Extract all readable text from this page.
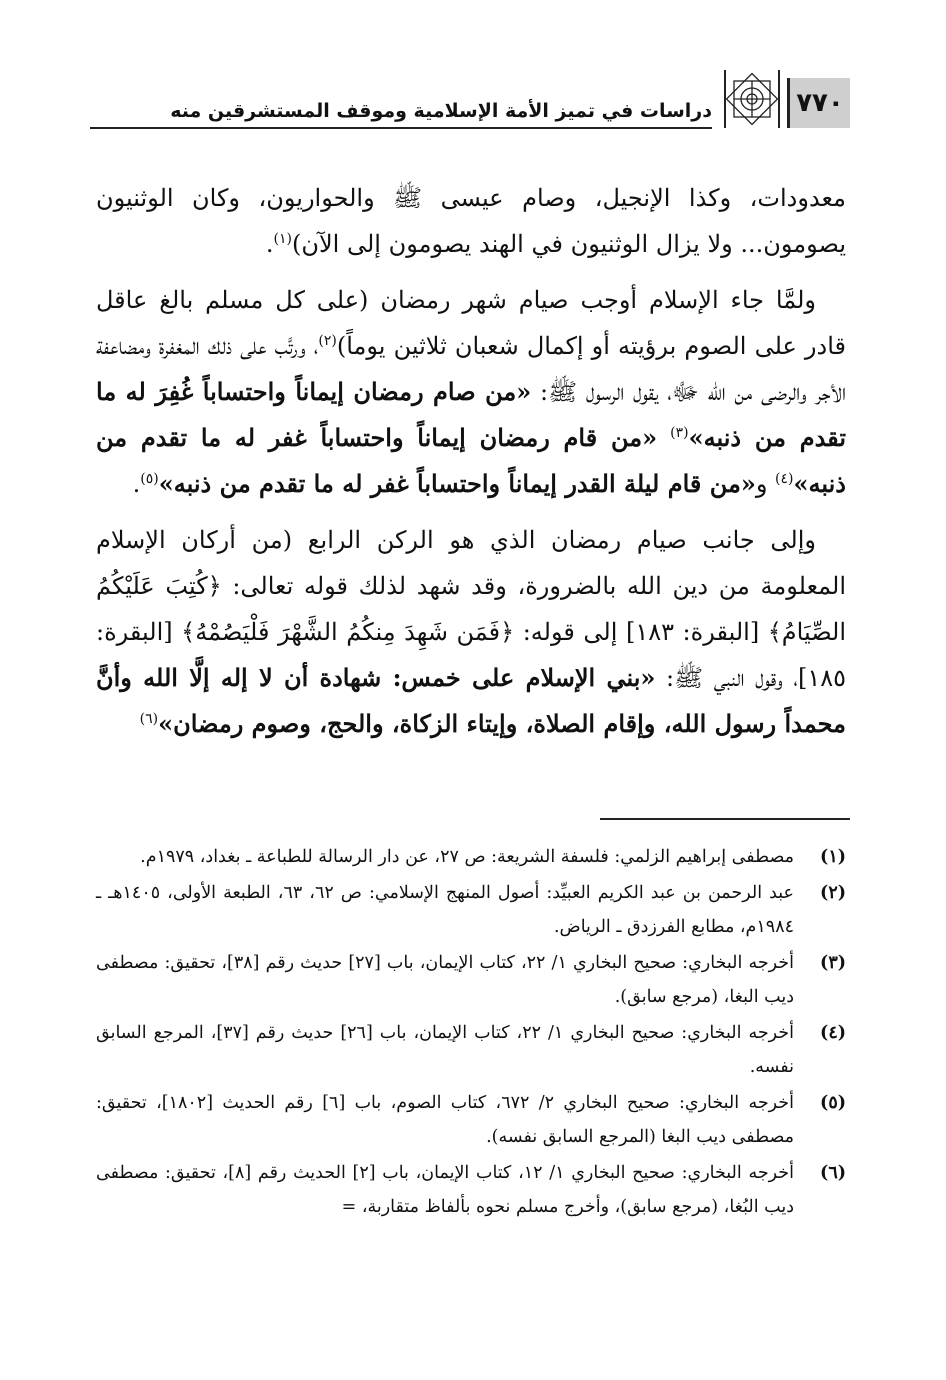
٧٧٠
دراسات في تميز الأمة الإسلامية وموقف المستشرقين منه

معدودات، وكذا الإنجيل، وصام عيسى ﷺ والحواريون، وكان الوثنيون يصومون... ولا يزال الوثنيون في الهند يصومون إلى الآن)$^{(١)}$.

ولمَّا جاء الإسلام أوجب صيام شهر رمضان (على كل مسلم بالغ عاقل قادر على الصوم برؤيته أو إكمال شعبان ثلاثين يوماً)$^{(٢)}$، ورتَّب على ذلك المغفرة ومضاعفة الأجر والرضى من الله ﷻ، يقول الرسول ﷺ: «من صام رمضان إيماناً واحتساباً غُفِرَ له ما تقدم من ذنبه»$^{(٣)}$ «من قام رمضان إيماناً واحتساباً غفر له ما تقدم من ذنبه»$^{(٤)}$ و«من قام ليلة القدر إيماناً واحتساباً غفر له ما تقدم من ذنبه»$^{(٥)}$.

وإلى جانب صيام رمضان الذي هو الركن الرابع (من أركان الإسلام المعلومة من دين الله بالضرورة، وقد شهد لذلك قوله تعالى: ﴿كُتِبَ عَلَيْكُمُ الصِّيَامُ﴾ [البقرة: ١٨٣] إلى قوله: ﴿فَمَن شَهِدَ مِنكُمُ الشَّهْرَ فَلْيَصُمْهُ﴾ [البقرة: ١٨٥]، وقول النبي ﷺ: «بني الإسلام على خمس: شهادة أن لا إله إلَّا الله وأنَّ محمداً رسول الله، وإقام الصلاة، وإيتاء الزكاة، والحج، وصوم رمضان»$^{(٦)}$

(١)
مصطفى إبراهيم الزلمي: فلسفة الشريعة: ص ٢٧، عن دار الرسالة للطباعة ـ بغداد، ١٩٧٩م.
(٢)
عبد الرحمن بن عبد الكريم العبيِّد: أصول المنهج الإسلامي: ص ٦٢، ٦٣، الطبعة الأولى، ١٤٠٥هـ ـ ١٩٨٤م، مطابع الفرزدق ـ الرياض.
(٣)
أخرجه البخاري: صحيح البخاري ١/ ٢٢، كتاب الإيمان، باب [٢٧] حديث رقم [٣٨]، تحقيق: مصطفى ديب البغا، (مرجع سابق).
(٤)
أخرجه البخاري: صحيح البخاري ١/ ٢٢، كتاب الإيمان، باب [٢٦] حديث رقم [٣٧]، المرجع السابق نفسه.
(٥)
أخرجه البخاري: صحيح البخاري ٢/ ٦٧٢، كتاب الصوم، باب [٦] رقم الحديث [١٨٠٢]، تحقيق: مصطفى ديب البغا (المرجع السابق نفسه).
(٦)
أخرجه البخاري: صحيح البخاري ١/ ١٢، كتاب الإيمان، باب [٢] الحديث رقم [٨]، تحقيق: مصطفى ديب البُغا، (مرجع سابق)، وأخرج مسلم نحوه بألفاظ متقاربة، =
